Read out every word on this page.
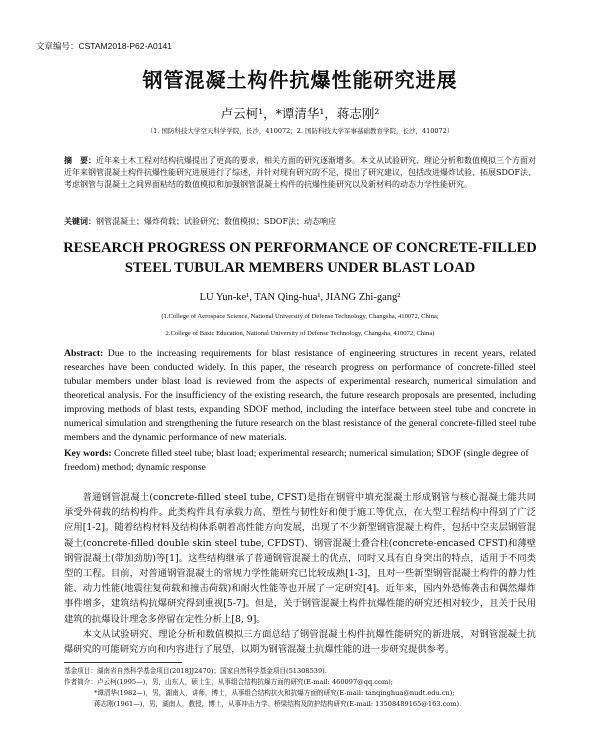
文章编号：CSTAM2018-P62-A0141
钢管混凝土构件抗爆性能研究进展
卢云柯¹，*谭清华¹，蒋志刚²
（1. 国防科技大学空天科学学院，长沙，410072；2. 国防科技大学军事基础教育学院，长沙，410072）
摘　要：近年来土木工程对结构抗爆提出了更高的要求，相关方面的研究逐渐增多。本文从试验研究、理论分析和数值模拟三个方面对近年来钢管混凝土构件抗爆性能研究进展进行了综述，并针对现有研究的不足，提出了研究建议，包括改进爆炸试验、拓展SDOF法、考虑钢管与混凝土之间界面粘结的数值模拟和加强钢管混凝土构件的抗爆性能研究以及新材料的动态力学性能研究。
关键词：钢管混凝土；爆炸荷载；试验研究；数值模拟；SDOF法；动态响应
RESEARCH PROGRESS ON PERFORMANCE OF CONCRETE-FILLED
STEEL TUBULAR MEMBERS UNDER BLAST LOAD
LU Yun-ke¹, TAN Qing-hua¹, JIANG Zhi-gang²
(1.College of Aerospace Science, National University of Defense Technology, Changsha, 410072, China;
2.College of Basic Education, National University of Defense Technology, Changsha, 410072, China)
Abstract: Due to the increasing requirements for blast resistance of engineering structures in recent years, related researches have been conducted widely. In this paper, the research progress on performance of concrete-filled steel tubular members under blast load is reviewed from the aspects of experimental research, numerical simulation and theoretical analysis. For the insufficiency of the existing research, the future research proposals are presented, including improving methods of blast tests, expanding SDOF method, including the interface between steel tube and concrete in numerical simulation and strengthening the future research on the blast resistance of the general concrete-filled steel tube members and the dynamic performance of new materials.
Key words: Concrete filled steel tube; blast load; experimental research; numerical simulation; SDOF (single degree of freedom) method; dynamic response

普通钢管混凝土(concrete-filled steel tube, CFST)是指在钢管中填充混凝土形成钢管与核心混凝土能共同承受外荷载的结构构件。此类构件具有承载力高、塑性与韧性好和便于施工等优点，在大型工程结构中得到了广泛应用[1-2]。随着结构材料及结构体系朝着高性能方向发展，出现了不少新型钢管混凝土构件，包括中空夹层钢管混凝土(concrete-filled double skin steel tube, CFDST)、钢管混凝土叠合柱(concrete-encased CFST)和薄壁钢管混凝土(带加劲肋)等[1]。这些结构继承了普通钢管混凝土的优点，同时又具有自身突出的特点，适用于不同类型的工程。目前，对普通钢管混凝土的常规力学性能研究已比较成熟[1-3]，且对一些新型钢管混凝土构件的静力性能、动力性能(地震往复荷载和撞击荷载)和耐火性能等也开展了一定研究[4]。近年来，国内外恐怖袭击和偶然爆炸事件增多，建筑结构抗爆研究得到重视[5-7]。但是，关于钢管混凝土构件抗爆性能的研究还相对较少，且关于民用建筑的抗爆设计理念多停留在定性分析上[8, 9]。

本文从试验研究、理论分析和数值模拟三方面总结了钢管混凝土构件抗爆性能研究的新进展，对钢管混凝土抗爆研究的可能研究方向和内容进行了展望，以期为钢管混凝土抗爆性能的进一步研究提供参考。

基金项目：湖南省自然科学基金项目(2018JJ2470)；国家自然科学基金项目(51308539).
作者简介：卢云柯(1995—)，男，山东人，硕士生，从事组合结构抗爆方面的研究(E-mail: 460097@qq.com);
*谭清华(1982—)，男，湖南人，讲师，博士，从事组合结构抗火和抗爆方面的研究(E-mail: tanqinghua@nudt.edu.cn);
蒋志刚(1961—)，男，湖南人，教授，博士，从事冲击力学、桥梁结构及防护结构研究(E-mail: 13508489165@163.com).
